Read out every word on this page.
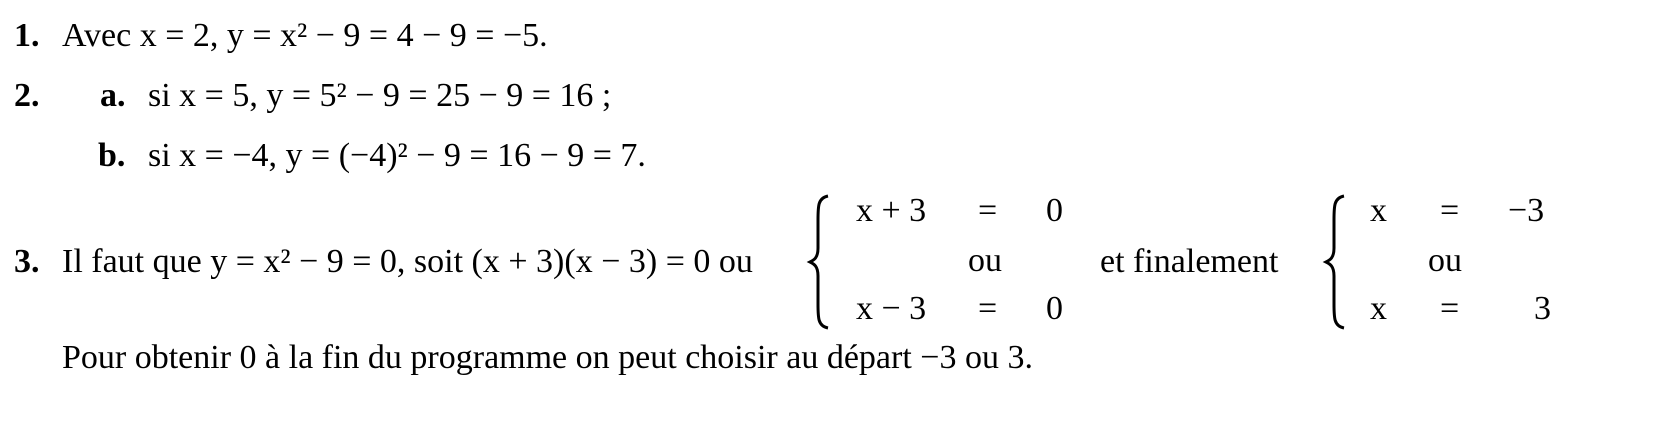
1. Avec x = 2, y = x² − 9 = 4 − 9 = −5.
2. a. si x = 5, y = 5² − 9 = 25 − 9 = 16 ;
b. si x = −4, y = (−4)² − 9 = 16 − 9 = 7.
3. Il faut que y = x² − 9 = 0, soit (x + 3)(x − 3) = 0 ou
x + 3 = 0
ou
x − 3 = 0
et finalement
x = −3
ou
x = 3
Pour obtenir 0 à la fin du programme on peut choisir au départ −3 ou 3.
